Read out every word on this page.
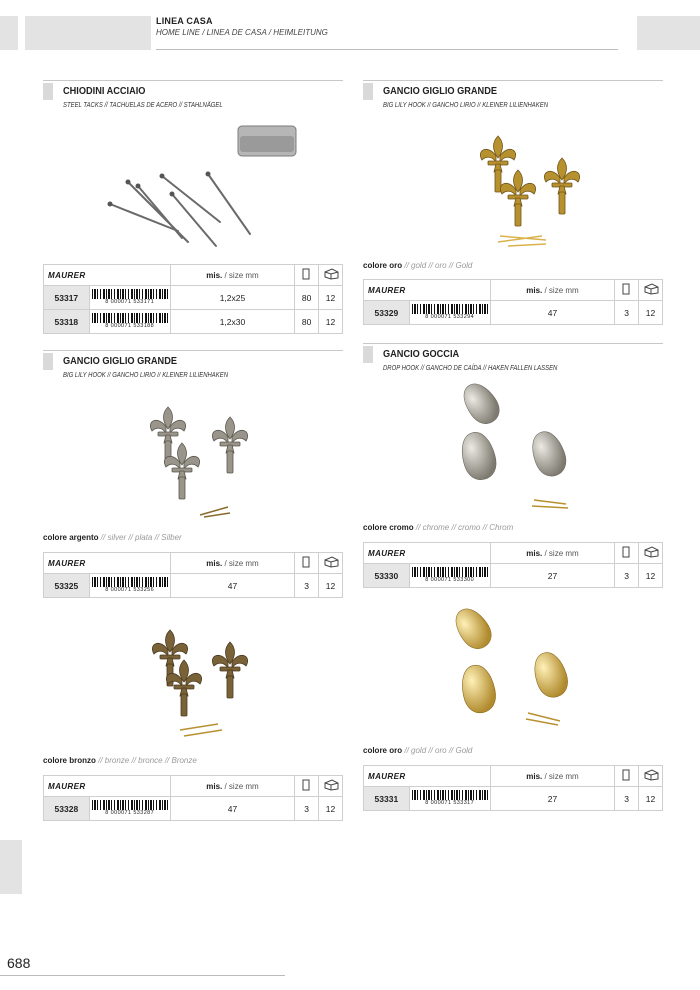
LINEA CASA
HOME LINE / LINEA DE CASA / HEIMLEITUNG
CHIODINI ACCIAIO
STEEL TACKS // TACHUELAS DE ACERO // STAHLNÄGEL
MAURER		mis. / size mm		
53317	8 000071 533171	1,2x25	80	12
53318	8 000071 533188	1,2x30	80	12
GANCIO GIGLIO GRANDE
BIG LILY HOOK // GANCHO LIRIO // KLEINER LILIENHAKEN
colore argento // silver // plata // Silber
MAURER		mis. / size mm		
53325	8 000071 533256	47	3	12
colore bronzo // bronze // bronce // Bronze
MAURER		mis. / size mm		
53328	8 000071 533287	47	3	12
GANCIO GIGLIO GRANDE
BIG LILY HOOK // GANCHO LIRIO // KLEINER LILIENHAKEN
colore oro // gold // oro // Gold
MAURER		mis. / size mm		
53329	8 000071 533294	47	3	12
GANCIO GOCCIA
DROP HOOK // GANCHO DE CAÍDA // HAKEN FALLEN LASSEN
colore cromo // chrome // cromo // Chrom
MAURER		mis. / size mm		
53330	8 000071 533300	27	3	12
colore oro // gold // oro // Gold
MAURER		mis. / size mm		
53331	8 000071 533317	27	3	12
688
